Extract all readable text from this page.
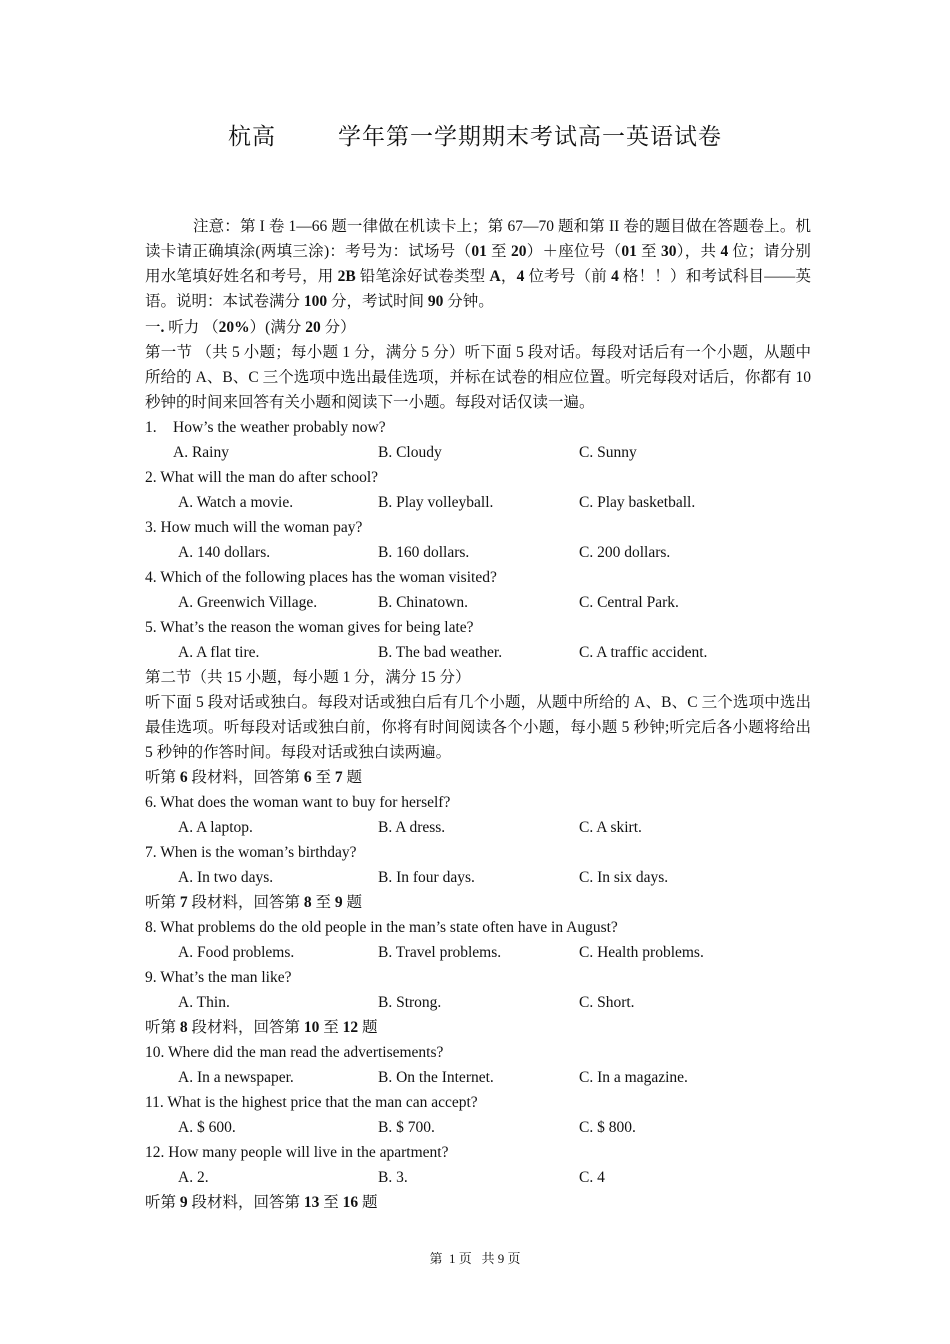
杭高	学年第一学期期末考试高一英语试卷
注意：第 I 卷 1—66 题一律做在机读卡上；第 67—70 题和第 II 卷的题目做在答题卷上。机读卡请正确填涂(两填三涂)：考号为：试场号（01 至 20）＋座位号（01 至 30），共 4 位；请分别用水笔填好姓名和考号，用 2B 铅笔涂好试卷类型 A，4 位考号（前 4 格！！）和考试科目——英语。说明：本试卷满分 100 分，考试时间 90 分钟。
一. 听力 （20%）(满分 20 分）
第一节 （共 5 小题；每小题 1 分，满分 5 分）听下面 5 段对话。每段对话后有一个小题，从题中所给的 A、B、C 三个选项中选出最佳选项，并标在试卷的相应位置。听完每段对话后，你都有 10 秒钟的时间来回答有关小题和阅读下一小题。每段对话仅读一遍。
1. How’s the weather probably now?
A. Rainy	B. Cloudy	C. Sunny
2. What will the man do after school?
A. Watch a movie.	B. Play volleyball.	C. Play basketball.
3. How much will the woman pay?
A. 140 dollars.	B. 160 dollars.	C. 200 dollars.
4. Which of the following places has the woman visited?
A. Greenwich Village.	B. Chinatown.	C. Central Park.
5. What’s the reason the woman gives for being late?
A. A flat tire.	B. The bad weather.	C. A traffic accident.
第二节（共 15 小题，每小题 1 分，满分 15 分）
听下面 5 段对话或独白。每段对话或独白后有几个小题，从题中所给的 A、B、C 三个选项中选出最佳选项。听每段对话或独白前，你将有时间阅读各个小题，每小题 5 秒钟;听完后各小题将给出 5 秒钟的作答时间。每段对话或独白读两遍。
听第 6 段材料，回答第 6 至 7 题
6. What does the woman want to buy for herself?
A. A laptop.	B. A dress.	C. A skirt.
7. When is the woman’s birthday?
A. In two days.	B. In four days.	C. In six days.
听第 7 段材料，回答第 8 至 9 题
8. What problems do the old people in the man’s state often have in August?
A. Food problems.	B. Travel problems.	C. Health problems.
9. What’s the man like?
A. Thin.	B. Strong.	C. Short.
听第 8 段材料，回答第 10 至 12 题
10. Where did the man read the advertisements?
A. In a newspaper.	B. On the Internet.	C. In a magazine.
11. What is the highest price that the man can accept?
A. $ 600.	B. $ 700.	C. $ 800.
12. How many people will live in the apartment?
A. 2.	B. 3.	C. 4
听第 9 段材料，回答第 13 至 16 题
第  1 页   共 9 页
